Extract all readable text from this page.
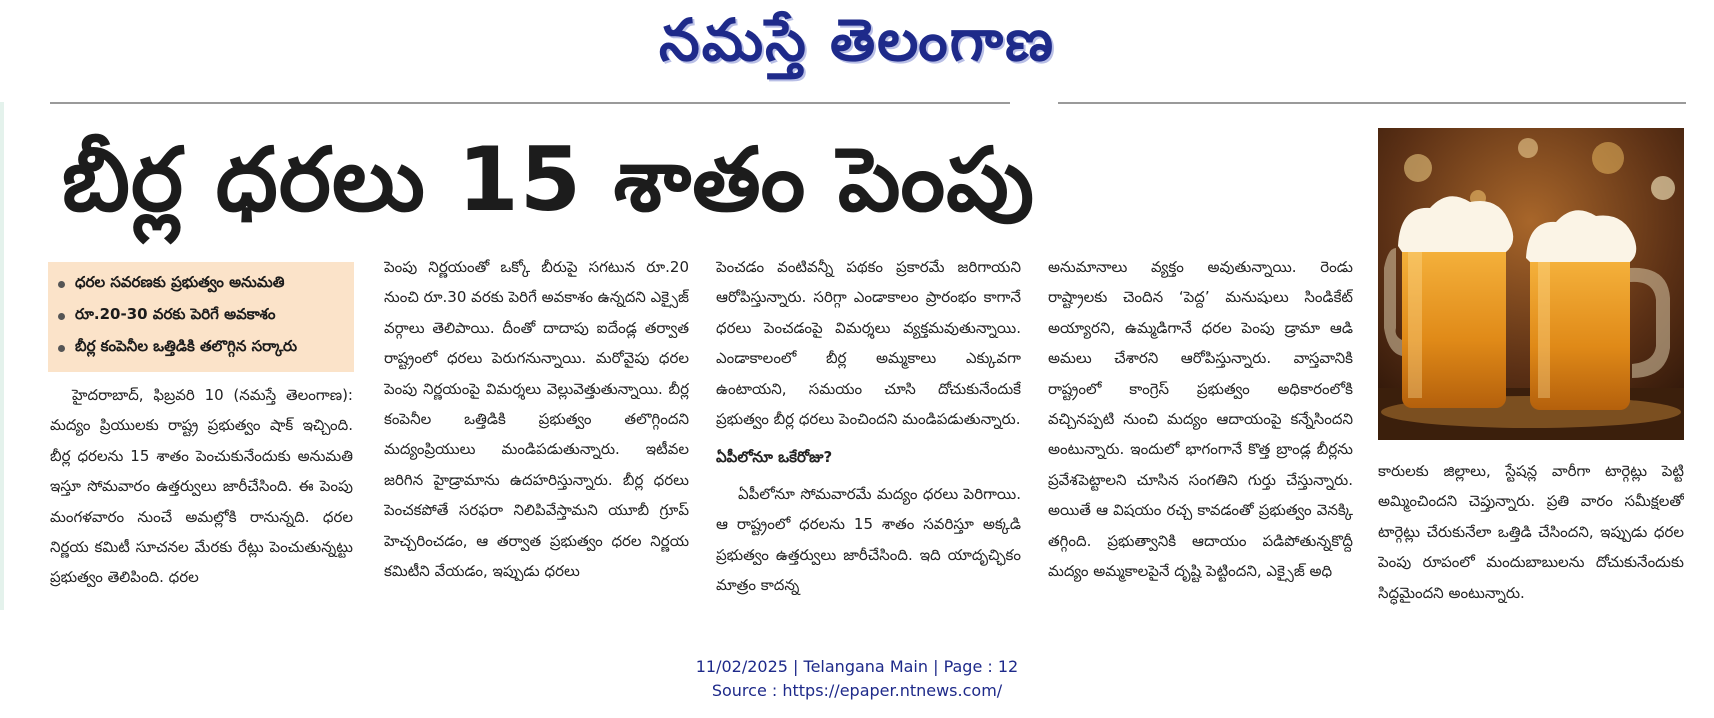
నమస్తే తెలంగాణ
బీర్ల ధరలు 15 శాతం పెంపు
ధరల సవరణకు ప్రభుత్వం అనుమతి
రూ.20-30 వరకు పెరిగే అవకాశం
బీర్ల కంపెనీల ఒత్తిడికి తలొగ్గిన సర్కారు

హైదరాబాద్, ఫిబ్రవరి 10 (నమస్తే తెలంగాణ): మద్యం ప్రియులకు రాష్ట్ర ప్రభుత్వం షాక్ ఇచ్చింది. బీర్ల ధరలను 15 శాతం పెంచుకునేందుకు అనుమతి ఇస్తూ సోమవారం ఉత్తర్వులు జారీచేసింది. ఈ పెంపు మంగళవారం నుంచే అమల్లోకి రానున్నది. ధరల నిర్ణయ కమిటీ సూచనల మేరకు రేట్లు పెంచుతున్నట్టు ప్రభుత్వం తెలిపింది. ధరల

పెంపు నిర్ణయంతో ఒక్కో బీరుపై సగటున రూ.20 నుంచి రూ.30 వరకు పెరిగే అవకాశం ఉన్నదని ఎక్సైజ్ వర్గాలు తెలిపాయి. దీంతో దాదాపు ఐదేండ్ల తర్వాత రాష్ట్రంలో ధరలు పెరుగనున్నాయి. మరోవైపు ధరల పెంపు నిర్ణయంపై విమర్శలు వెల్లువెత్తుతున్నాయి. బీర్ల కంపెనీల ఒత్తిడికి ప్రభుత్వం తలొగ్గిందని మద్యంప్రియులు మండిపడుతున్నారు. ఇటీవల జరిగిన హైడ్రామాను ఉదహరిస్తున్నారు. బీర్ల ధరలు పెంచకపోతే సరఫరా నిలిపివేస్తామని యూబీ గ్రూప్ హెచ్చరించడం, ఆ తర్వాత ప్రభుత్వం ధరల నిర్ణయ కమిటీని వేయడం, ఇప్పుడు ధరలు

పెంచడం వంటివన్నీ పథకం ప్రకారమే జరిగాయని ఆరోపిస్తున్నారు. సరిగ్గా ఎండాకాలం ప్రారంభం కాగానే ధరలు పెంచడంపై విమర్శలు వ్యక్తమవుతున్నాయి. ఎండాకాలంలో బీర్ల అమ్మకాలు ఎక్కువగా ఉంటాయని, సమయం చూసి దోచుకునేందుకే ప్రభుత్వం బీర్ల ధరలు పెంచిందని మండిపడుతున్నారు.

ఏపీలోనూ ఒకేరోజు?

ఏపీలోనూ సోమవారమే మద్యం ధరలు పెరిగాయి. ఆ రాష్ట్రంలో ధరలను 15 శాతం సవరిస్తూ అక్కడి ప్రభుత్వం ఉత్తర్వులు జారీచేసింది. ఇది యాదృచ్ఛికం మాత్రం కాదన్న

అనుమానాలు వ్యక్తం అవుతున్నాయి. రెండు రాష్ట్రాలకు చెందిన ‘పెద్ద’ మనుషులు సిండికేట్ అయ్యారని, ఉమ్మడిగానే ధరల పెంపు డ్రామా ఆడి అమలు చేశారని ఆరోపిస్తున్నారు. వాస్తవానికి రాష్ట్రంలో కాంగ్రెస్ ప్రభుత్వం అధికారంలోకి వచ్చినప్పటి నుంచి మద్యం ఆదాయంపై కన్నేసిందని అంటున్నారు. ఇందులో భాగంగానే కొత్త బ్రాండ్ల బీర్లను ప్రవేశపెట్టాలని చూసిన సంగతిని గుర్తు చేస్తున్నారు. అయితే ఆ విషయం రచ్చ కావడంతో ప్రభుత్వం వెనక్కి తగ్గింది. ప్రభుత్వానికి ఆదాయం పడిపోతున్నకొద్దీ మద్యం అమ్మకాలపైనే దృష్టి పెట్టిందని, ఎక్సైజ్ అధి

కారులకు జిల్లాలు, స్టేషన్ల వారీగా టార్గెట్లు పెట్టి అమ్మించిందని చెప్తున్నారు. ప్రతి వారం సమీక్షలతో టార్గెట్లు చేరుకునేలా ఒత్తిడి చేసిందని, ఇప్పుడు ధరల పెంపు రూపంలో మందుబాబులను దోచుకునేందుకు సిద్ధమైందని అంటున్నారు.

11/02/2025 | Telangana Main | Page : 12
Source : https://epaper.ntnews.com/
